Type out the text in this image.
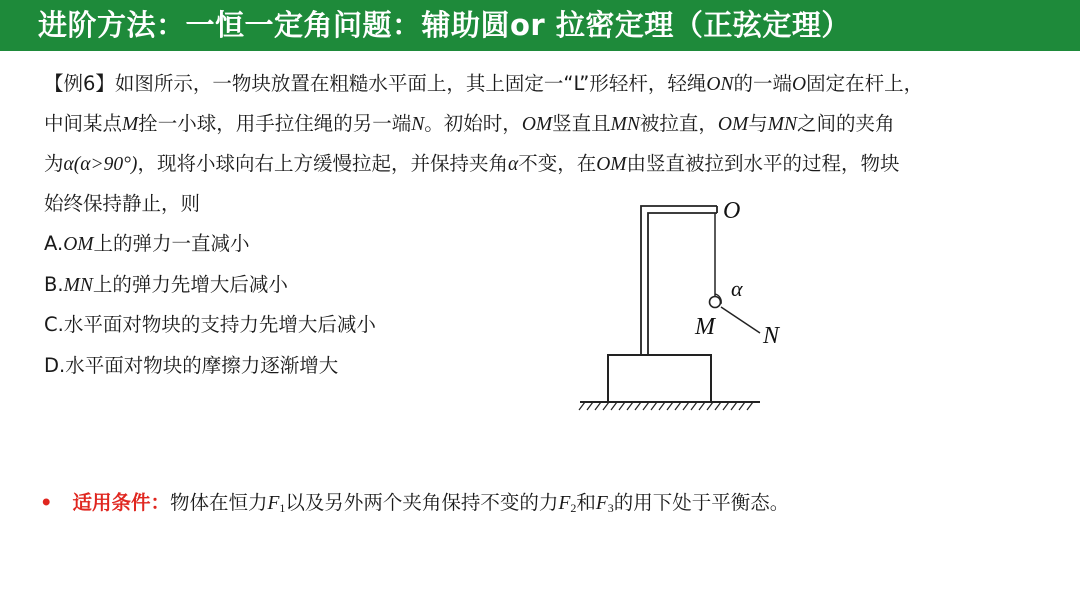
进阶方法：一恒一定角问题：辅助圆or 拉密定理（正弦定理）
【例6】如图所示，一物块放置在粗糙水平面上，其上固定一“L”形轻杆，轻绳ON的一端O固定在杆上，
中间某点M拴一小球，用手拉住绳的另一端N。初始时，OM竖直且MN被拉直，OM与MN之间的夹角
为α(α>90°)，现将小球向右上方缓慢拉起，并保持夹角α不变，在OM由竖直被拉到水平的过程，物块
始终保持静止，则
A.OM上的弹力一直减小
B.MN上的弹力先增大后减小
C.水平面对物块的支持力先增大后减小
D.水平面对物块的摩擦力逐渐增大
O
α
M N
• 适用条件：物体在恒力$F_1$以及另外两个夹角保持不变的力$F_2$和$F_3$的用下处于平衡态。
